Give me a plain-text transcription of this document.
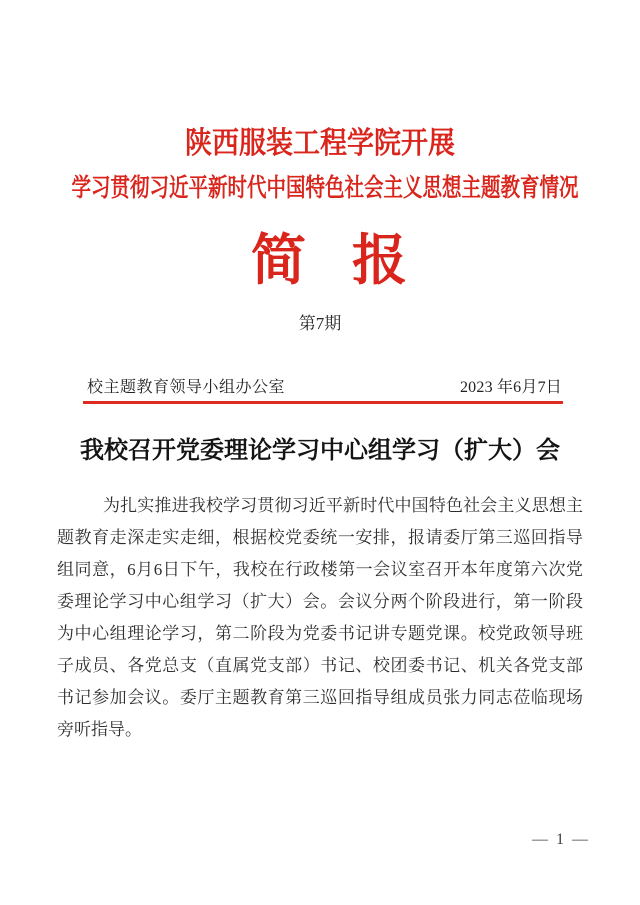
陕西服装工程学院开展
学习贯彻习近平新时代中国特色社会主义思想主题教育情况
简 报
第7期
校主题教育领导小组办公室	2023 年6月7日
我校召开党委理论学习中心组学习（扩大）会
为扎实推进我校学习贯彻习近平新时代中国特色社会主义思想主
题教育走深走实走细，根据校党委统一安排，报请委厅第三巡回指导
组同意，6月6日下午，我校在行政楼第一会议室召开本年度第六次党
委理论学习中心组学习（扩大）会。会议分两个阶段进行，第一阶段
为中心组理论学习，第二阶段为党委书记讲专题党课。校党政领导班
子成员、各党总支（直属党支部）书记、校团委书记、机关各党支部
书记参加会议。委厅主题教育第三巡回指导组成员张力同志莅临现场
旁听指导。
— 1 —
